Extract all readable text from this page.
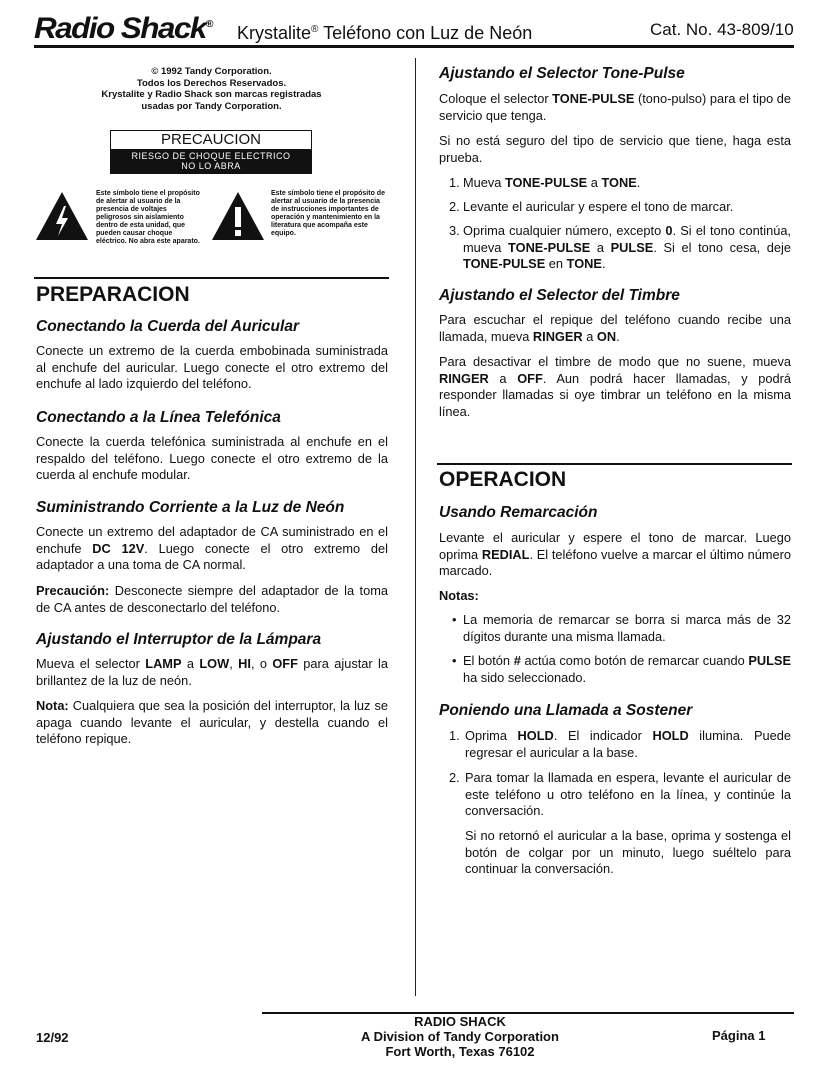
Radio Shack® Krystalite® Teléfono con Luz de Neón	Cat. No. 43-809/10
© 1992 Tandy Corporation.
Todos los Derechos Reservados.
Krystalite y Radio Shack son marcas registradas
usadas por Tandy Corporation.
PRECAUCION
RIESGO DE CHOQUE ELECTRICO
NO LO ABRA
Este símbolo tiene el propósito de alertar al usuario de la presencia de voltajes peligrosos sin aislamiento dentro de esta unidad, que pueden causar choque eléctrico. No abra este aparato.
Este símbolo tiene el propósito de alertar al usuario de la presencia de instrucciones importantes de operación y mantenimiento en la literatura que acompaña este equipo.
PREPARACION
Conectando la Cuerda del Auricular

Conecte un extremo de la cuerda embobinada suministrada al enchufe del auricular. Luego conecte el otro extremo del enchufe al lado izquierdo del teléfono.

Conectando a la Línea Telefónica

Conecte la cuerda telefónica suministrada al enchufe en el respaldo del teléfono. Luego conecte el otro extremo de la cuerda al enchufe modular.

Suministrando Corriente a la Luz de Neón

Conecte un extremo del adaptador de CA suministrado en el enchufe DC 12V. Luego conecte el otro extremo del adaptador a una toma de CA normal.

Precaución: Desconecte siempre del adaptador de la toma de CA antes de desconectarlo del teléfono.

Ajustando el Interruptor de la Lámpara

Mueva el selector LAMP a LOW, HI, o OFF para ajustar la brillantez de la luz de neón.

Nota: Cualquiera que sea la posición del interruptor, la luz se apaga cuando levante el auricular, y destella cuando el teléfono repique.

Ajustando el Selector Tone-Pulse

Coloque el selector TONE-PULSE (tono-pulso) para el tipo de servicio que tenga.

Si no está seguro del tipo de servicio que tiene, haga esta prueba.

1. Mueva TONE-PULSE a TONE.

2. Levante el auricular y espere el tono de marcar.

3. Oprima cualquier número, excepto 0. Si el tono continúa, mueva TONE-PULSE a PULSE. Si el tono cesa, deje TONE-PULSE en TONE.

Ajustando el Selector del Timbre

Para escuchar el repique del teléfono cuando recibe una llamada, mueva RINGER a ON.

Para desactivar el timbre de modo que no suene, mueva RINGER a OFF. Aun podrá hacer llamadas, y podrá responder llamadas si oye timbrar un teléfono en la misma línea.

OPERACION
Usando Remarcación

Levante el auricular y espere el tono de marcar. Luego oprima REDIAL. El teléfono vuelve a marcar el último número marcado.

Notas:

• La memoria de remarcar se borra si marca más de 32 dígitos durante una misma llamada.

• El botón # actúa como botón de remarcar cuando PULSE ha sido seleccionado.

Poniendo una Llamada a Sostener
1. Oprima HOLD. El indicador HOLD ilumina. Puede regresar el auricular a la base.

2. Para tomar la llamada en espera, levante el auricular de este teléfono u otro teléfono en la línea, y continúe la conversación.

Si no retornó el auricular a la base, oprima y sostenga el botón de colgar por un minuto, luego suéltelo para continuar la conversación.

12/92
RADIO SHACK
A Division of Tandy Corporation
Fort Worth, Texas 76102
Página 1
